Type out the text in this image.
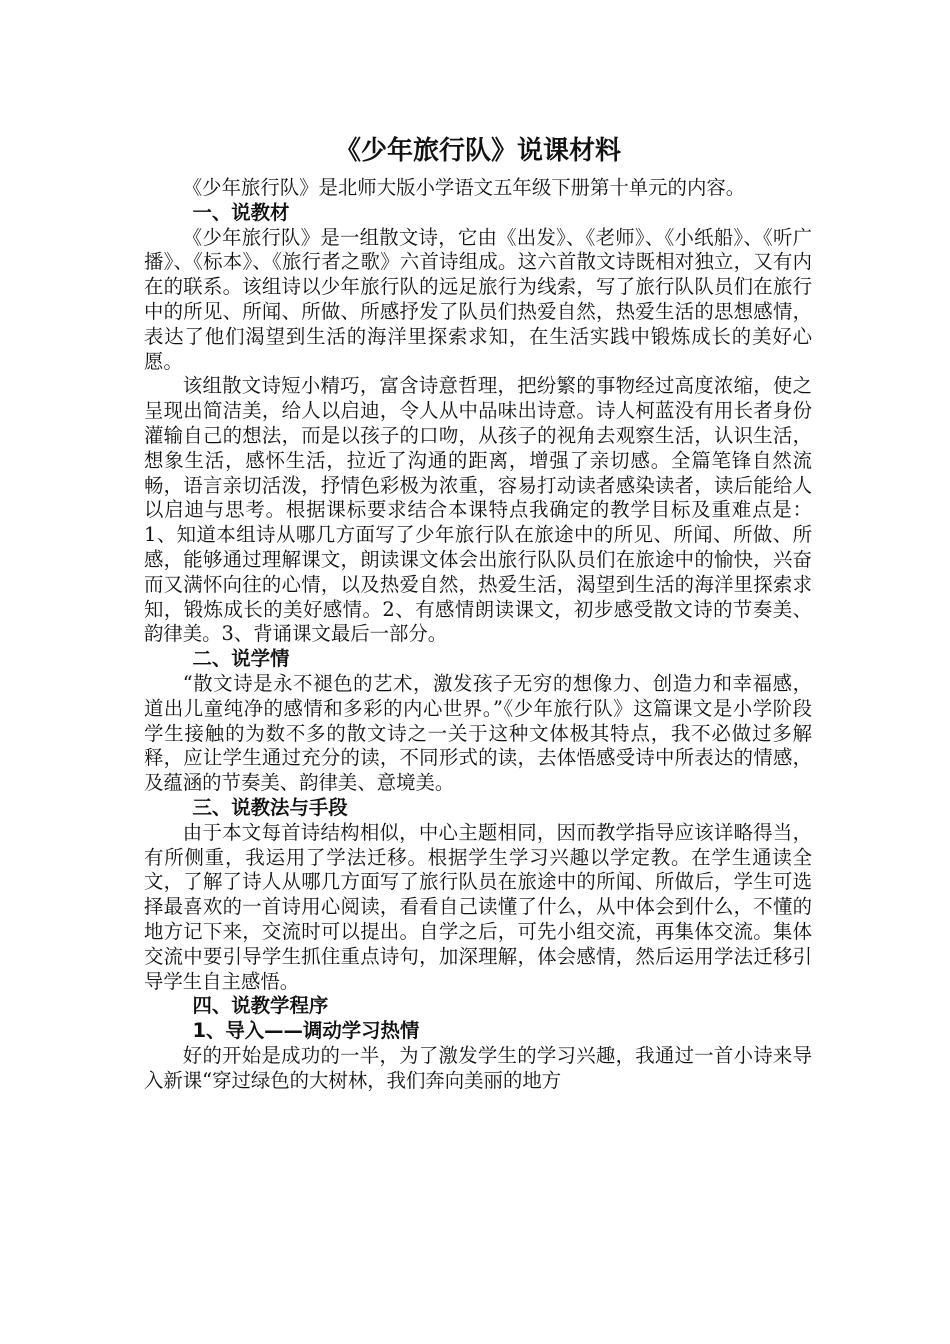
《少年旅行队》说课材料

《少年旅行队》是北师大版小学语文五年级下册第十单元的内容。

一、说教材

《少年旅行队》是一组散文诗，它由《出发》、《老师》、《小纸船》、《听广播》、《标本》、《旅行者之歌》六首诗组成。这六首散文诗既相对独立，又有内在的联系。该组诗以少年旅行队的远足旅行为线索，写了旅行队队员们在旅行中的所见、所闻、所做、所感抒发了队员们热爱自然，热爱生活的思想感情，表达了他们渴望到生活的海洋里探索求知，在生活实践中锻炼成长的美好心愿。

该组散文诗短小精巧，富含诗意哲理，把纷繁的事物经过高度浓缩，使之呈现出简洁美，给人以启迪，令人从中品味出诗意。诗人柯蓝没有用长者身份灌输自己的想法，而是以孩子的口吻，从孩子的视角去观察生活，认识生活，想象生活，感怀生活，拉近了沟通的距离，增强了亲切感。全篇笔锋自然流畅，语言亲切活泼，抒情色彩极为浓重，容易打动读者感染读者，读后能给人以启迪与思考。根据课标要求结合本课特点我确定的教学目标及重难点是：1、知道本组诗从哪几方面写了少年旅行队在旅途中的所见、所闻、所做、所感，能够通过理解课文，朗读课文体会出旅行队队员们在旅途中的愉快，兴奋而又满怀向往的心情，以及热爱自然，热爱生活，渴望到生活的海洋里探索求知，锻炼成长的美好感情。2、有感情朗读课文，初步感受散文诗的节奏美、韵律美。3、背诵课文最后一部分。

二、说学情

“散文诗是永不褪色的艺术，激发孩子无穷的想像力、创造力和幸福感，道出儿童纯净的感情和多彩的内心世界。”《少年旅行队》这篇课文是小学阶段学生接触的为数不多的散文诗之一关于这种文体极其特点，我不必做过多解释，应让学生通过充分的读，不同形式的读，去体悟感受诗中所表达的情感，及蕴涵的节奏美、韵律美、意境美。

三、说教法与手段

由于本文每首诗结构相似，中心主题相同，因而教学指导应该详略得当，有所侧重，我运用了学法迁移。根据学生学习兴趣以学定教。在学生通读全文，了解了诗人从哪几方面写了旅行队员在旅途中的所闻、所做后，学生可选择最喜欢的一首诗用心阅读，看看自己读懂了什么，从中体会到什么，不懂的地方记下来，交流时可以提出。自学之后，可先小组交流，再集体交流。集体交流中要引导学生抓住重点诗句，加深理解，体会感情，然后运用学法迁移引导学生自主感悟。

四、说教学程序
1、导入——调动学习热情

好的开始是成功的一半，为了激发学生的学习兴趣，我通过一首小诗来导入新课“穿过绿色的大树林，我们奔向美丽的地方
